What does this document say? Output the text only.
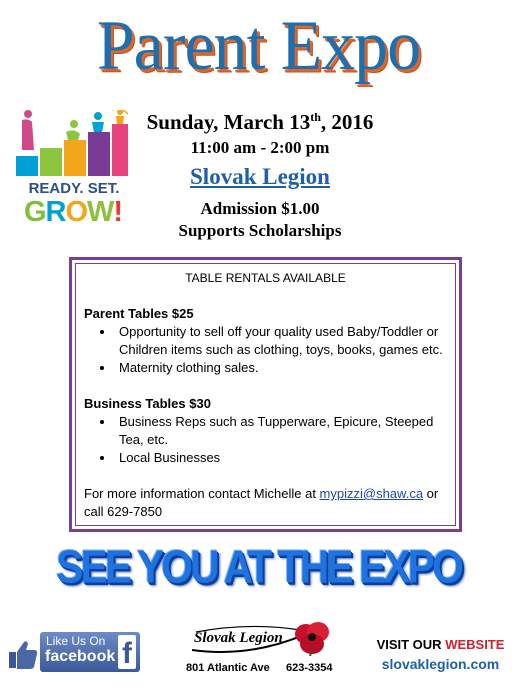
Parent Expo
READY. SET.
GROW!
Sunday, March 13th, 2016
11:00 am - 2:00 pm
Slovak Legion
Admission $1.00
Supports Scholarships
TABLE RENTALS AVAILABLE
Parent Tables $25
• Opportunity to sell off your quality used Baby/Toddler or Children items such as clothing, toys, books, games etc.
• Maternity clothing sales.
Business Tables $30
• Business Reps such as Tupperware, Epicure, Steeped Tea, etc.
• Local Businesses
For more information contact Michelle at mypizzi@shaw.ca or call 629-7850
SEE YOU AT THE EXPO
Like Us On
facebook f	Slovak Legion
801 Atlantic Ave 623-3354
VISIT OUR WEBSITE
slovaklegion.com
